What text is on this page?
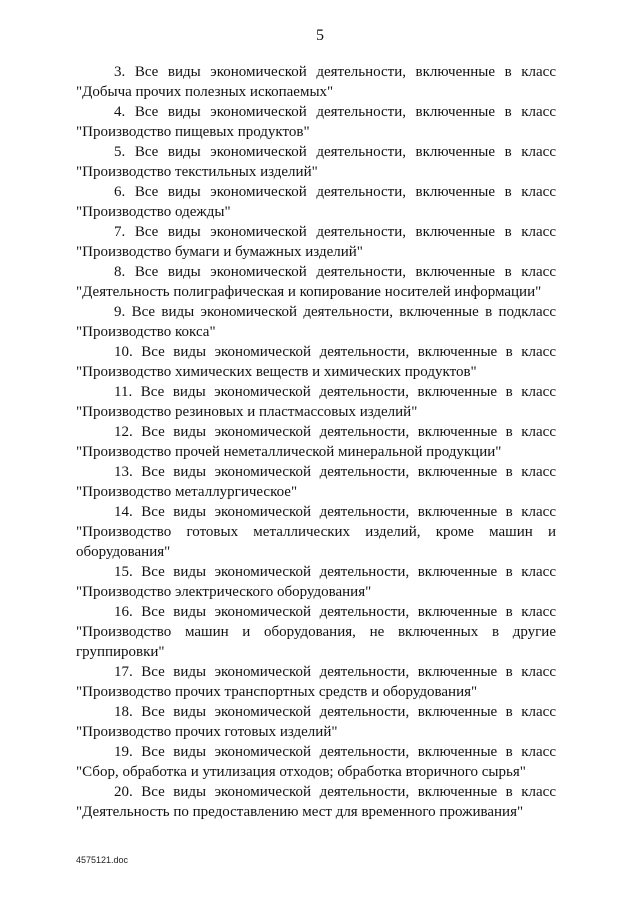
5
3. Все виды экономической деятельности, включенные в класс
"Добыча прочих полезных ископаемых"
4. Все виды экономической деятельности, включенные в класс
"Производство пищевых продуктов"
5. Все виды экономической деятельности, включенные в класс
"Производство текстильных изделий"
6. Все виды экономической деятельности, включенные в класс
"Производство одежды"
7. Все виды экономической деятельности, включенные в класс
"Производство бумаги и бумажных изделий"
8. Все виды экономической деятельности, включенные в класс
"Деятельность полиграфическая и копирование носителей информации"
9. Все виды экономической деятельности, включенные в подкласс
"Производство кокса"
10. Все виды экономической деятельности, включенные в класс
"Производство химических веществ и химических продуктов"
11. Все виды экономической деятельности, включенные в класс
"Производство резиновых и пластмассовых изделий"
12. Все виды экономической деятельности, включенные в класс
"Производство прочей неметаллической минеральной продукции"
13. Все виды экономической деятельности, включенные в класс
"Производство металлургическое"
14. Все виды экономической деятельности, включенные в класс
"Производство готовых металлических изделий, кроме машин и
оборудования"
15. Все виды экономической деятельности, включенные в класс
"Производство электрического оборудования"
16. Все виды экономической деятельности, включенные в класс
"Производство машин и оборудования, не включенных в другие
группировки"
17. Все виды экономической деятельности, включенные в класс
"Производство прочих транспортных средств и оборудования"
18. Все виды экономической деятельности, включенные в класс
"Производство прочих готовых изделий"
19. Все виды экономической деятельности, включенные в класс
"Сбор, обработка и утилизация отходов; обработка вторичного сырья"
20. Все виды экономической деятельности, включенные в класс
"Деятельность по предоставлению мест для временного проживания"
4575121.doc
